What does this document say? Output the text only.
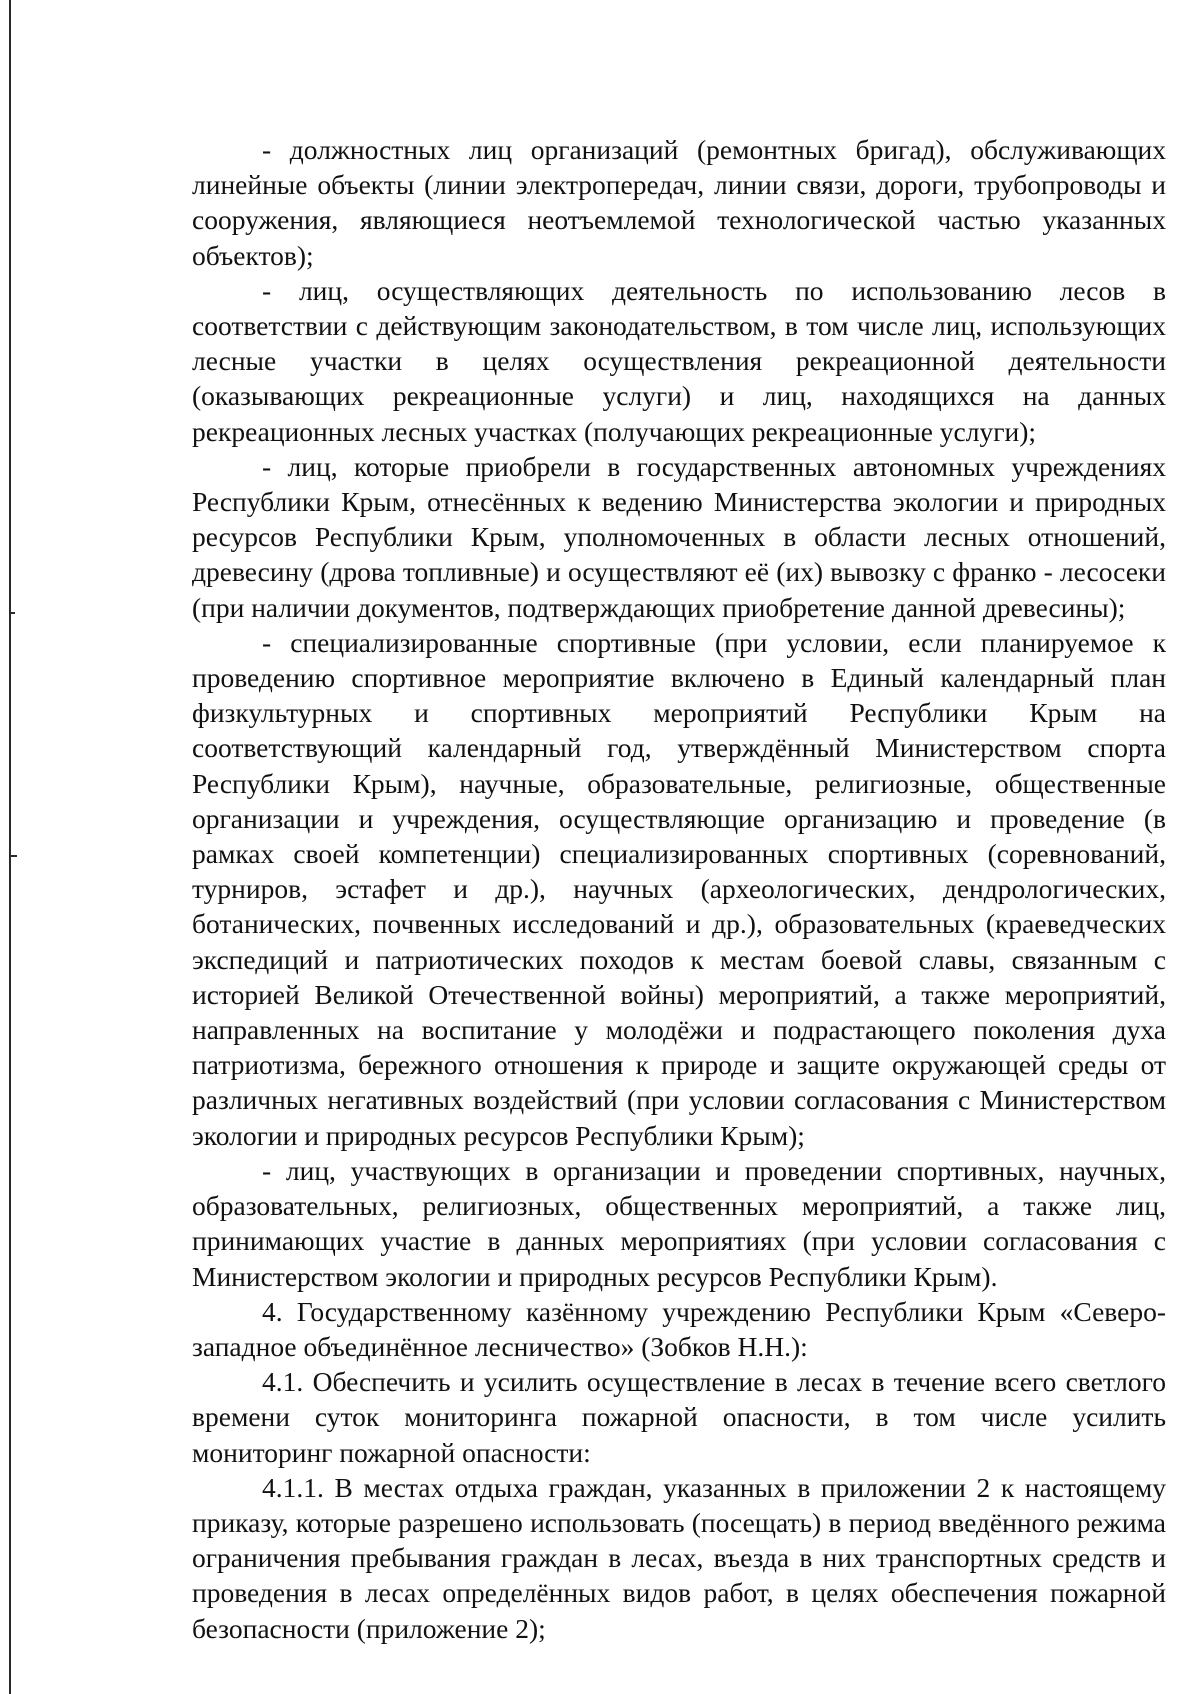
- должностных лиц организаций (ремонтных бригад), обслуживающих линейные объекты (линии электропередач, линии связи, дороги, трубопроводы и сооружения, являющиеся неотъемлемой технологической частью указанных объектов);

- лиц, осуществляющих деятельность по использованию лесов в соответствии с действующим законодательством, в том числе лиц, использующих лесные участки в целях осуществления рекреационной деятельности (оказывающих рекреационные услуги) и лиц, находящихся на данных рекреационных лесных участках (получающих рекреационные услуги);

- лиц, которые приобрели в государственных автономных учреждениях Республики Крым, отнесённых к ведению Министерства экологии и природных ресурсов Республики Крым, уполномоченных в области лесных отношений, древесину (дрова топливные) и осуществляют её (их) вывозку с франко - лесосеки (при наличии документов, подтверждающих приобретение данной древесины);

- специализированные спортивные (при условии, если планируемое к проведению спортивное мероприятие включено в Единый календарный план физкультурных и спортивных мероприятий Республики Крым на соответствующий календарный год, утверждённый Министерством спорта Республики Крым), научные, образовательные, религиозные, общественные организации и учреждения, осуществляющие организацию и проведение (в рамках своей компетенции) специализированных спортивных (соревнований, турниров, эстафет и др.), научных (археологических, дендрологических, ботанических, почвенных исследований и др.), образовательных (краеведческих экспедиций и патриотических походов к местам боевой славы, связанным с историей Великой Отечественной войны) мероприятий, а также мероприятий, направленных на воспитание у молодёжи и подрастающего поколения духа патриотизма, бережного отношения к природе и защите окружающей среды от различных негативных воздействий (при условии согласования с Министерством экологии и природных ресурсов Республики Крым);

- лиц, участвующих в организации и проведении спортивных, научных, образовательных, религиозных, общественных мероприятий, а также лиц, принимающих участие в данных мероприятиях (при условии согласования с Министерством экологии и природных ресурсов Республики Крым).

4. Государственному казённому учреждению Республики Крым «Северо-западное объединённое лесничество» (Зобков Н.Н.):

4.1. Обеспечить и усилить осуществление в лесах в течение всего светлого времени суток мониторинга пожарной опасности, в том числе усилить мониторинг пожарной опасности:

4.1.1. В местах отдыха граждан, указанных в приложении 2 к настоящему приказу, которые разрешено использовать (посещать) в период введённого режима ограничения пребывания граждан в лесах, въезда в них транспортных средств и проведения в лесах определённых видов работ, в целях обеспечения пожарной безопасности (приложение 2);
